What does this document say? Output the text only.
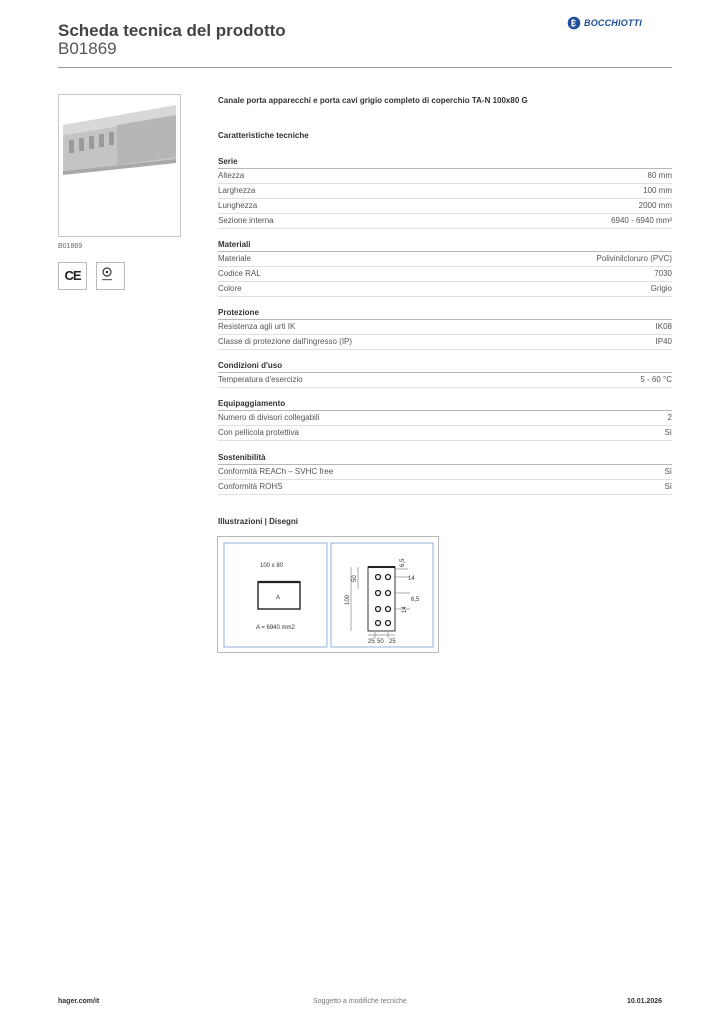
Scheda tecnica del prodotto
B01869
BOCCHIOTTI
B01869
CE
Canale porta apparecchi e porta cavi grigio completo di coperchio TA-N 100x80 G
Caratteristiche tecniche
Serie
Altezza	80 mm
Larghezza	100 mm
Lunghezza	2000 mm
Sezione interna	6940 - 6940 mm²
Materiali
Materiale	Polivinilcloruro (PVC)
Codice RAL	7030
Colore	Grigio
Protezione
Resistenza agli urti IK	IK08
Classe di protezione dall'ingresso (IP)	IP40
Condizioni d'uso
Temperatura d'esercizio	5 - 60 °C
Equipaggiamento
Numero di divisori collegabili	2
Con pellicola protettiva	Sì
Sostenibilità
Conformità REACh – SVHC free	Sì
Conformità ROHS	Sì
Illustrazioni | Disegni
100 x 80
A
A = 6940 mm2
50
100
6,5
14
6,5
14
25 50 25
hager.com/it	Soggetto a modifiche tecniche	10.01.2026
